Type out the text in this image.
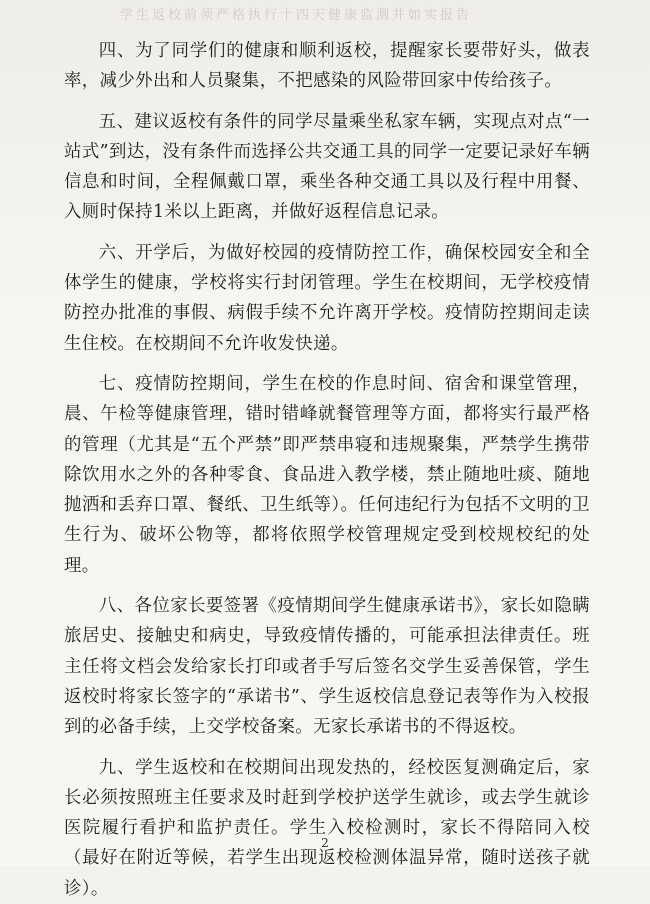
学生返校前须严格执行十四天健康监测并如实报告

四、为了同学们的健康和顺利返校，提醒家长要带好头，做表率，减少外出和人员聚集，不把感染的风险带回家中传给孩子。

五、建议返校有条件的同学尽量乘坐私家车辆，实现点对点“一站式”到达，没有条件而选择公共交通工具的同学一定要记录好车辆信息和时间，全程佩戴口罩，乘坐各种交通工具以及行程中用餐、入厕时保持1米以上距离，并做好返程信息记录。

六、开学后，为做好校园的疫情防控工作，确保校园安全和全体学生的健康，学校将实行封闭管理。学生在校期间，无学校疫情防控办批准的事假、病假手续不允许离开学校。疫情防控期间走读生住校。在校期间不允许收发快递。

七、疫情防控期间，学生在校的作息时间、宿舍和课堂管理，晨、午检等健康管理，错时错峰就餐管理等方面，都将实行最严格的管理（尤其是“五个严禁”即严禁串寝和违规聚集，严禁学生携带除饮用水之外的各种零食、食品进入教学楼，禁止随地吐痰、随地抛洒和丢弃口罩、餐纸、卫生纸等）。任何违纪行为包括不文明的卫生行为、破坏公物等，都将依照学校管理规定受到校规校纪的处理。

八、各位家长要签署《疫情期间学生健康承诺书》，家长如隐瞒旅居史、接触史和病史，导致疫情传播的，可能承担法律责任。班主任将文档会发给家长打印或者手写后签名交学生妥善保管，学生返校时将家长签字的“承诺书”、学生返校信息登记表等作为入校报到的必备手续，上交学校备案。无家长承诺书的不得返校。

九、学生返校和在校期间出现发热的，经校医复测确定后，家长必须按照班主任要求及时赶到学校护送学生就诊，或去学生就诊医院履行看护和监护责任。学生入校检测时，家长不得陪同入校（最好在附近等候，若学生出现返校检测体温异常，随时送孩子就诊）。

2
